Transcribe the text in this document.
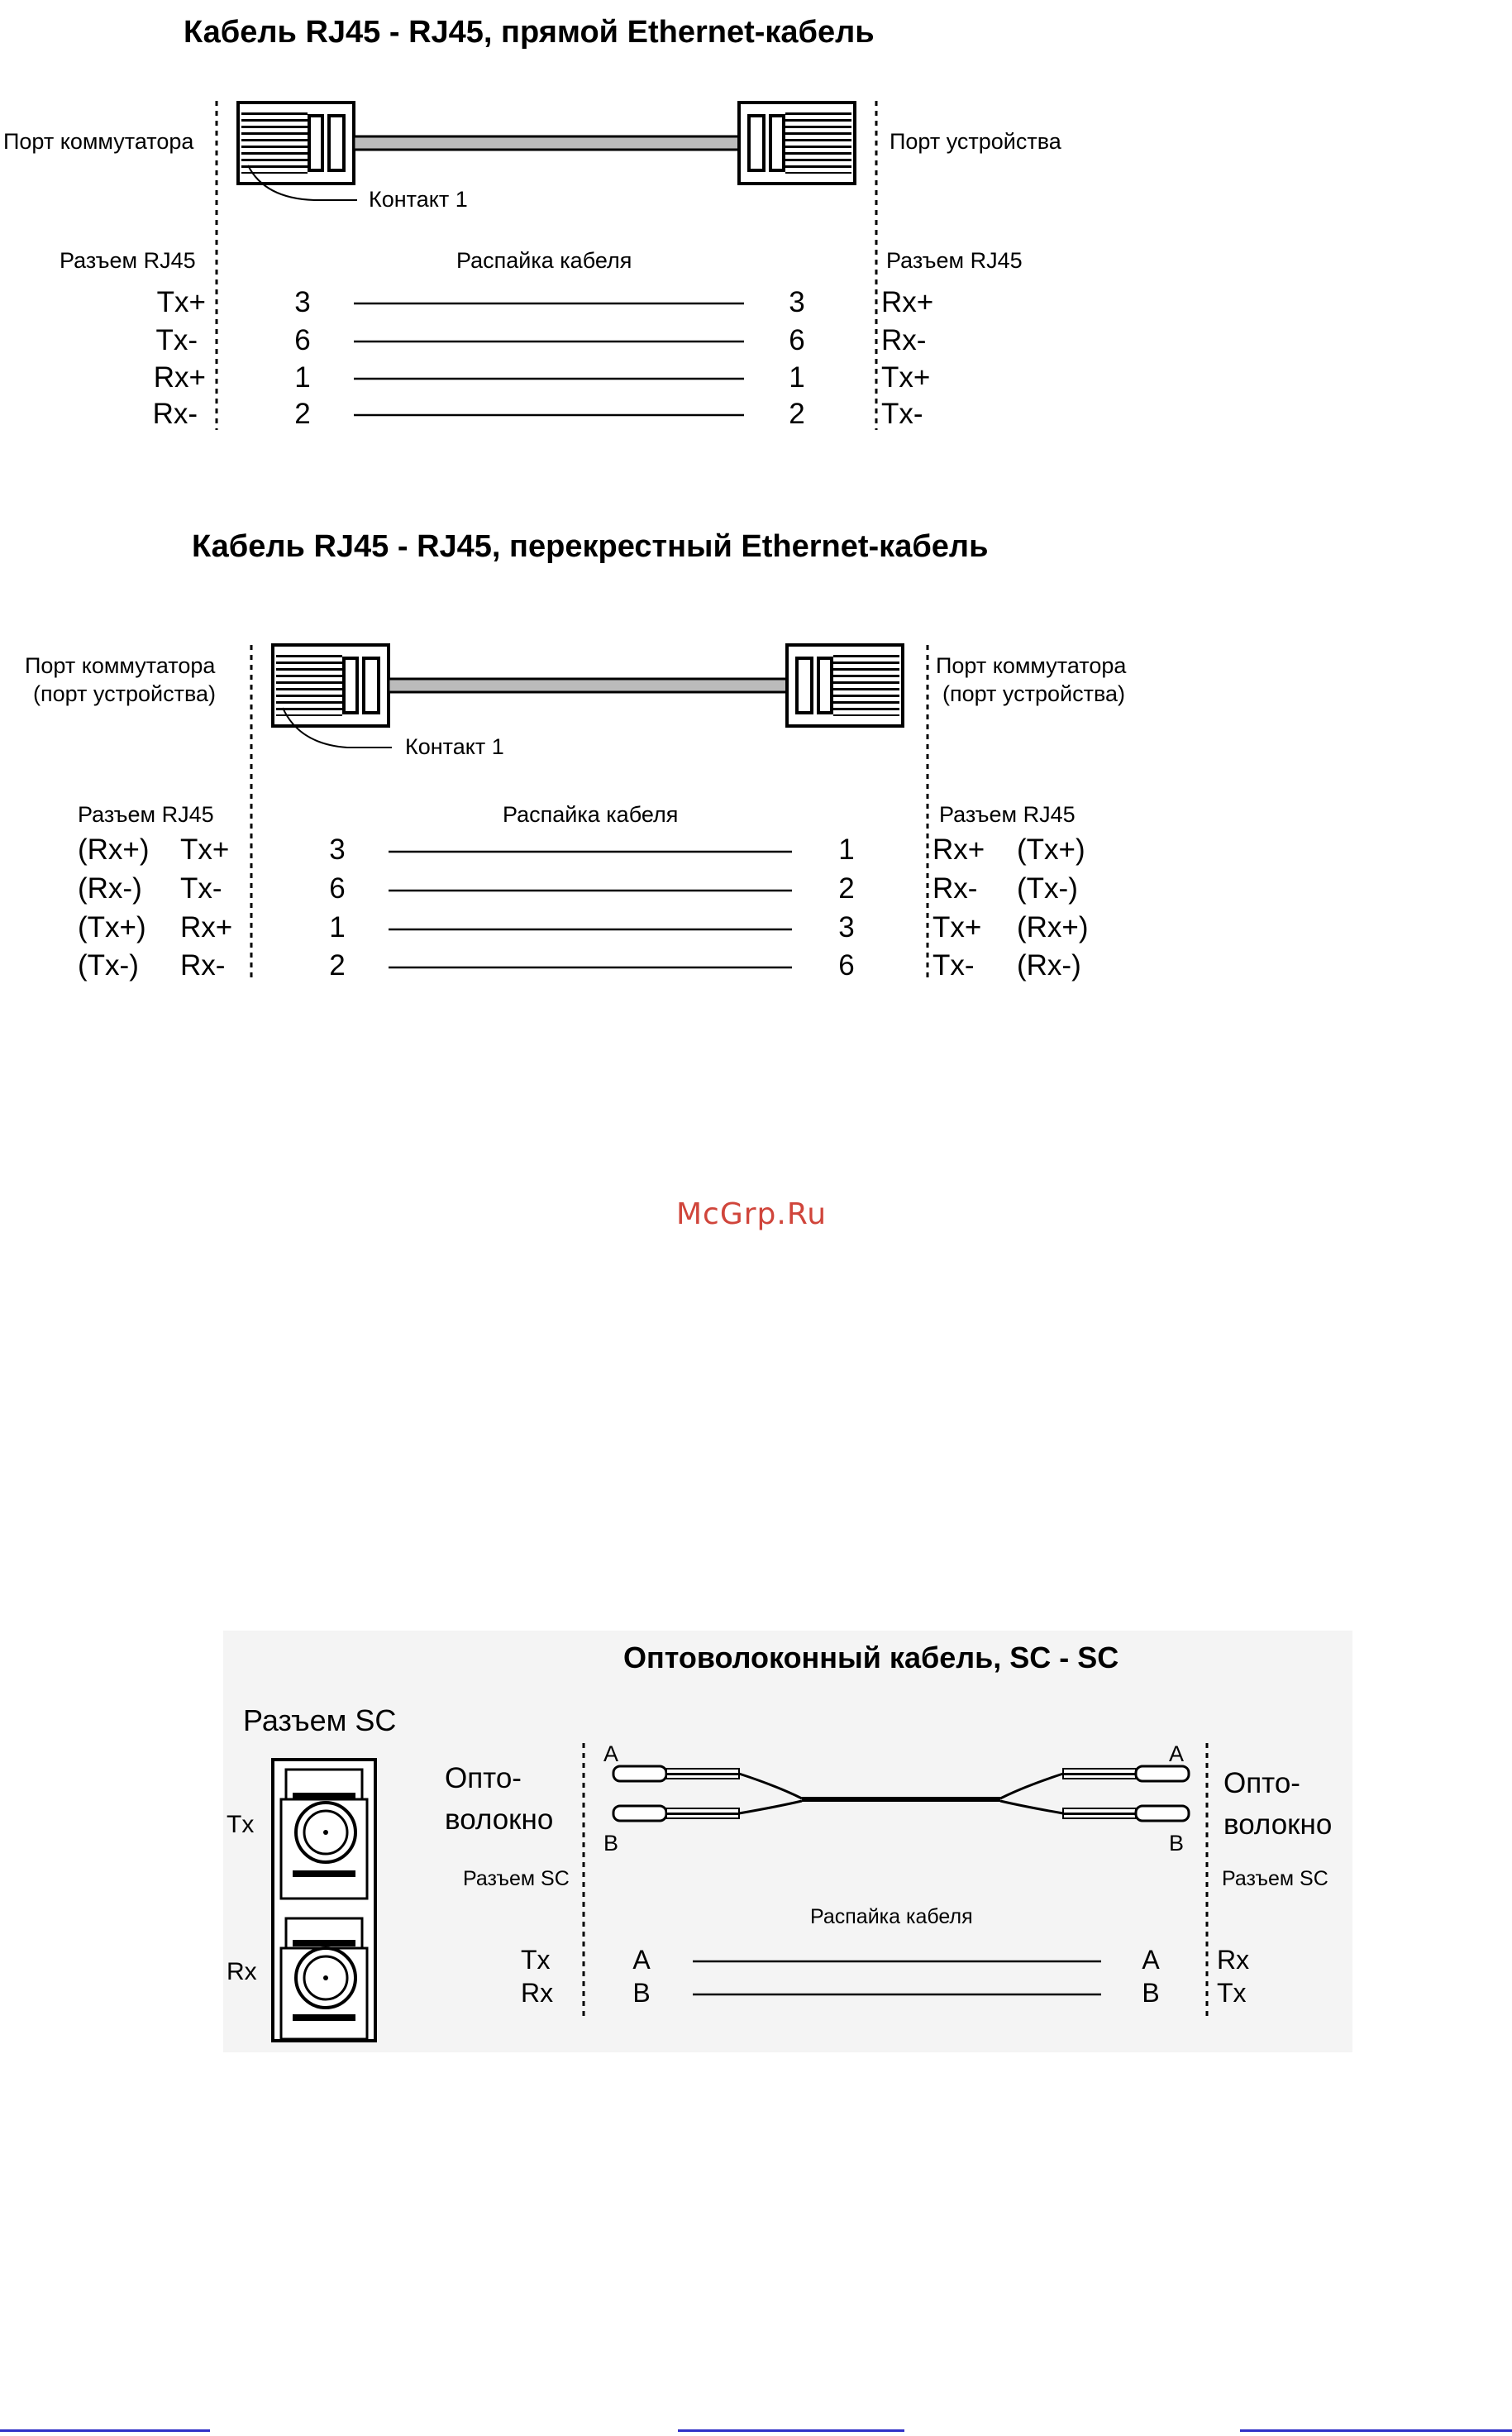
Кабель RJ45 - RJ45, прямой Ethernet-кабель
Порт коммутатора	Порт устройства
Контакт 1
Разъем RJ45	Распайка кабеля	Разъем RJ45
Tx+	3	3	Rx+
Tx-	6	6	Rx-
Rx+	1	1	Tx+
Rx-	2	2	Tx-
Кабель RJ45 - RJ45, перекрестный Ethernet-кабель
Порт коммутатора
(порт устройства)
Порт коммутатора
(порт устройства)
Контакт 1
Разъем RJ45	Распайка кабеля	Разъем RJ45
(Rx+) Tx+	3	1	Rx+ (Tx+)
(Rx-) Tx-	6	2	Rx- (Tx-)
(Tx+) Rx+	1	3	Tx+ (Rx+)
(Tx-) Rx-	2	6	Tx- (Rx-)
McGrp.Ru
Оптоволоконный кабель, SC - SC
Разъем SC
Tx
Rx
Опто-
волокно
Опто-
волокно
A
B
A
B
Разъем SC	Разъем SC
Распайка кабеля
Tx	A	A	Rx
Rx	B	B	Tx
